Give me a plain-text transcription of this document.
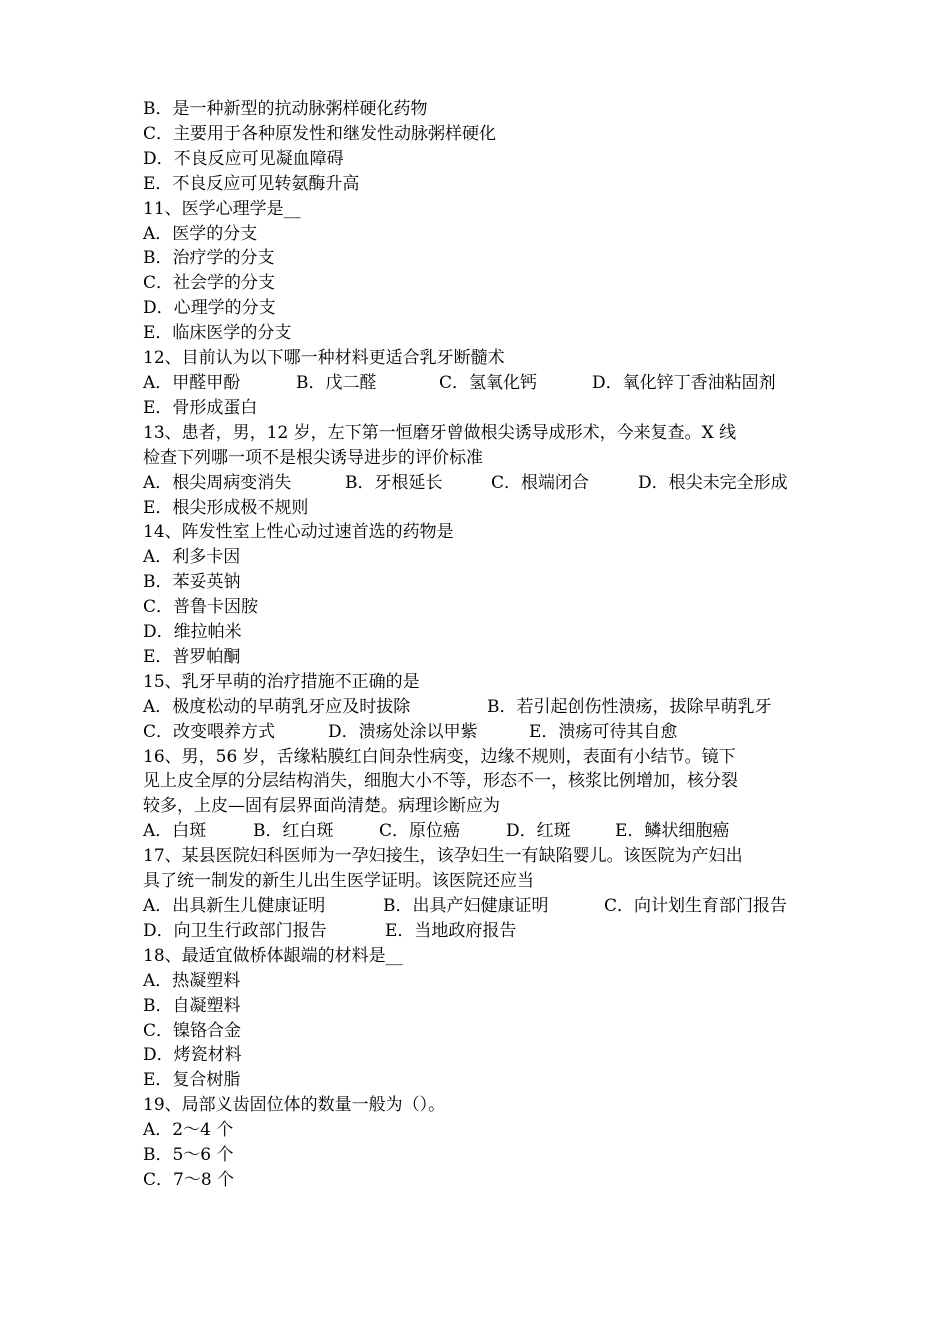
B．是一种新型的抗动脉粥样硬化药物
C．主要用于各种原发性和继发性动脉粥样硬化
D．不良反应可见凝血障碍
E．不良反应可见转氨酶升高
11、医学心理学是__
A．医学的分支
B．治疗学的分支
C．社会学的分支
D．心理学的分支
E．临床医学的分支
12、目前认为以下哪一种材料更适合乳牙断髓术
A．甲醛甲酚	B．戊二醛	C．氢氧化钙	D．氧化锌丁香油粘固剂
E．骨形成蛋白
13、患者，男，12 岁，左下第一恒磨牙曾做根尖诱导成形术，今来复查。X 线
检查下列哪一项不是根尖诱导进步的评价标准
A．根尖周病变消失	B．牙根延长	C．根端闭合	D．根尖未完全形成
E．根尖形成极不规则
14、阵发性室上性心动过速首选的药物是
A．利多卡因
B．苯妥英钠
C．普鲁卡因胺
D．维拉帕米
E．普罗帕酮
15、乳牙早萌的治疗措施不正确的是
A．极度松动的早萌乳牙应及时拔除	B．若引起创伤性溃疡，拔除早萌乳牙
C．改变喂养方式	D．溃疡处涂以甲紫	E．溃疡可待其自愈
16、男，56 岁，舌缘粘膜红白间杂性病变，边缘不规则，表面有小结节。镜下
见上皮全厚的分层结构消失，细胞大小不等，形态不一，核浆比例增加，核分裂
较多，上皮—固有层界面尚清楚。病理诊断应为
A．白斑	B．红白斑	C．原位癌	D．红斑	E．鳞状细胞癌
17、某县医院妇科医师为一孕妇接生，该孕妇生一有缺陷婴儿。该医院为产妇出
具了统一制发的新生儿出生医学证明。该医院还应当
A．出具新生儿健康证明	B．出具产妇健康证明	C．向计划生育部门报告
D．向卫生行政部门报告	E．当地政府报告
18、最适宜做桥体龈端的材料是__
A．热凝塑料
B．自凝塑料
C．镍铬合金
D．烤瓷材料
E．复合树脂
19、局部义齿固位体的数量一般为（）。
A．2～4 个
B．5～6 个
C．7～8 个
